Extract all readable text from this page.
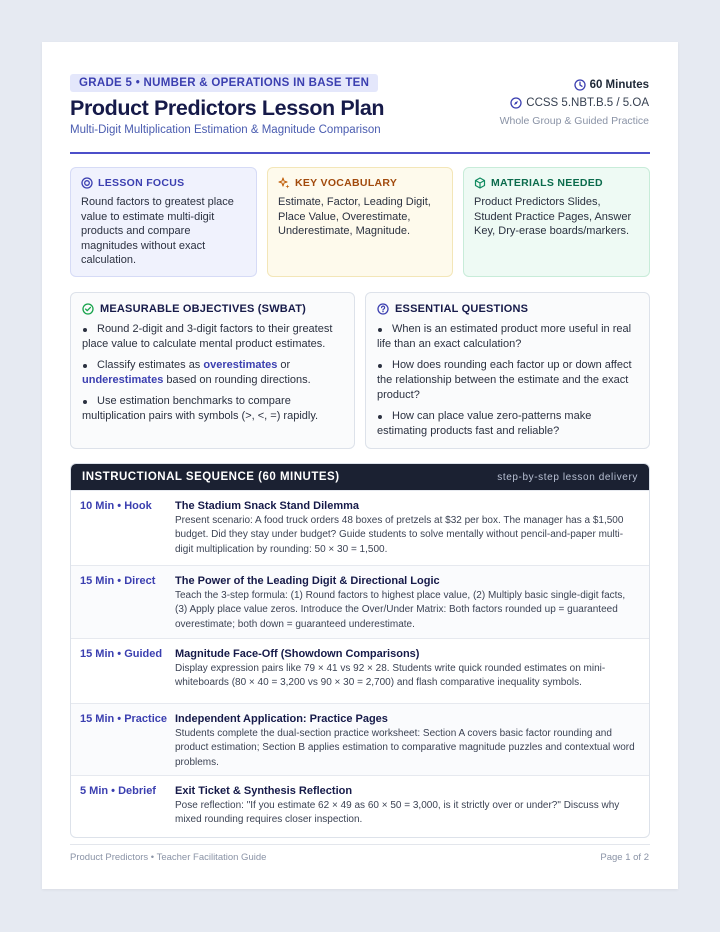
GRADE 5 • NUMBER & OPERATIONS IN BASE TEN
Product Predictors Lesson Plan
Multi-Digit Multiplication Estimation & Magnitude Comparison
60 Minutes
CCSS 5.NBT.B.5 / 5.OA
Whole Group & Guided Practice
LESSON FOCUS
Round factors to greatest place value to estimate multi-digit products and compare magnitudes without exact calculation.
KEY VOCABULARY
Estimate, Factor, Leading Digit, Place Value, Overestimate, Underestimate, Magnitude.
MATERIALS NEEDED
Product Predictors Slides, Student Practice Pages, Answer Key, Dry-erase boards/markers.
MEASURABLE OBJECTIVES (SWBAT)
Round 2-digit and 3-digit factors to their greatest place value to calculate mental product estimates.
Classify estimates as overestimates or underestimates based on rounding directions.
Use estimation benchmarks to compare multiplication pairs with symbols (>, <, =) rapidly.
ESSENTIAL QUESTIONS
When is an estimated product more useful in real life than an exact calculation?
How does rounding each factor up or down affect the relationship between the estimate and the exact product?
How can place value zero-patterns make estimating products fast and reliable?
INSTRUCTIONAL SEQUENCE (60 MINUTES)	step-by-step lesson delivery
10 Min • Hook The Stadium Snack Stand Dilemma
Present scenario: A food truck orders 48 boxes of pretzels at $32 per box. The manager has a $1,500 budget. Did they stay under budget? Guide students to solve mentally without pencil-and-paper multi-digit multiplication by rounding: 50 × 30 = 1,500.
15 Min • Direct The Power of the Leading Digit & Directional Logic
Teach the 3-step formula: (1) Round factors to highest place value, (2) Multiply basic single-digit facts, (3) Apply place value zeros. Introduce the Over/Under Matrix: Both factors rounded up = guaranteed overestimate; both down = guaranteed underestimate.
15 Min • Guided Magnitude Face-Off (Showdown Comparisons)
Display expression pairs like 79 × 41 vs 92 × 28. Students write quick rounded estimates on mini-whiteboards (80 × 40 = 3,200 vs 90 × 30 = 2,700) and flash comparative inequality symbols.
15 Min • Practice Independent Application: Practice Pages
Students complete the dual-section practice worksheet: Section A covers basic factor rounding and product estimation; Section B applies estimation to comparative magnitude puzzles and contextual word problems.
5 Min • Debrief Exit Ticket & Synthesis Reflection
Pose reflection: "If you estimate 62 × 49 as 60 × 50 = 3,000, is it strictly over or under?" Discuss why mixed rounding requires closer inspection.
Product Predictors • Teacher Facilitation Guide	Page 1 of 2
